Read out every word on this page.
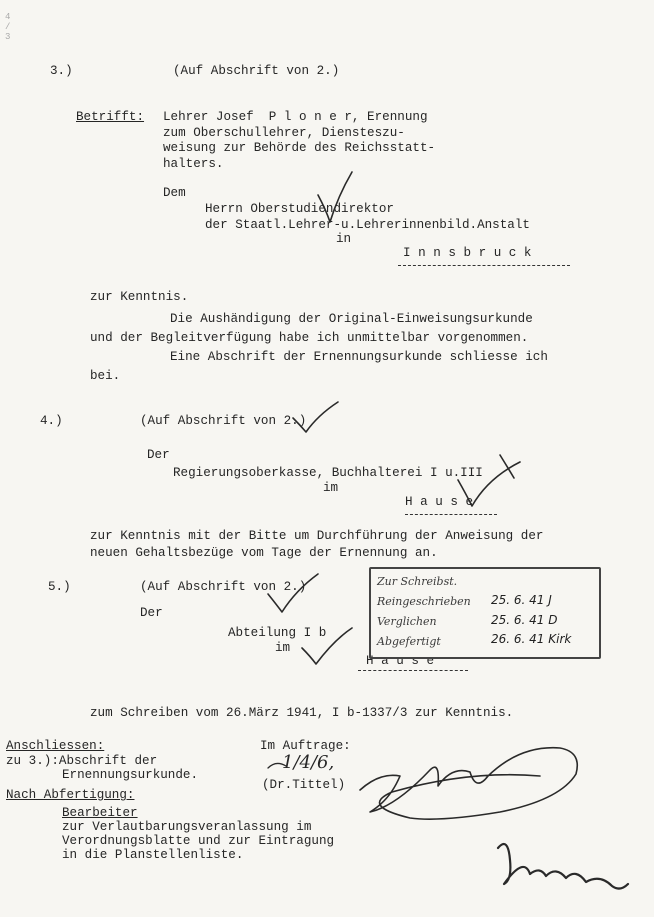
4 / 3
3.)	(Auf Abschrift von 2.)
Betrifft: Lehrer Josef  P l o n e r, Erennung
zum Oberschullehrer, Diensteszu-
weisung zur Behörde des Reichsstatt-
halters.
Dem
Herrn Oberstudiendirektor
der Staatl.Lehrer-u.Lehrerinnenbild.Anstalt
in
I n n s b r u c k
zur Kenntnis.
Die Aushändigung der Original-Einweisungsurkunde
und der Begleitverfügung habe ich unmittelbar vorgenommen.
Eine Abschrift der Ernennungsurkunde schliesse ich
bei.
4.)	(Auf Abschrift von 2.)
Der
Regierungsoberkasse, Buchhalterei I u.III
im
H a u s e
zur Kenntnis mit der Bitte um Durchführung der Anweisung der
neuen Gehaltsbezüge vom Tage der Ernennung an.
5.)	(Auf Abschrift von 2.)
Der
Abteilung I b
im
H a u s e
zum Schreiben vom 26.März 1941, I b-1337/3 zur Kenntnis.
Zur Schreibst.
Reingeschrieben 25. 6. 41 J
Verglichen	25. 6. 41 D
Abgefertigt	26. 6. 41 Kirk
Anschliessen:
zu 3.):Abschrift der
Ernennungsurkunde.
Im Auftrage:
1/4/6,
(Dr.Tittel)
Nach Abfertigung:
Bearbeiter
zur Verlautbarungsveranlassung im
Verordnungsblatte und zur Eintragung
in die Planstellenliste.
